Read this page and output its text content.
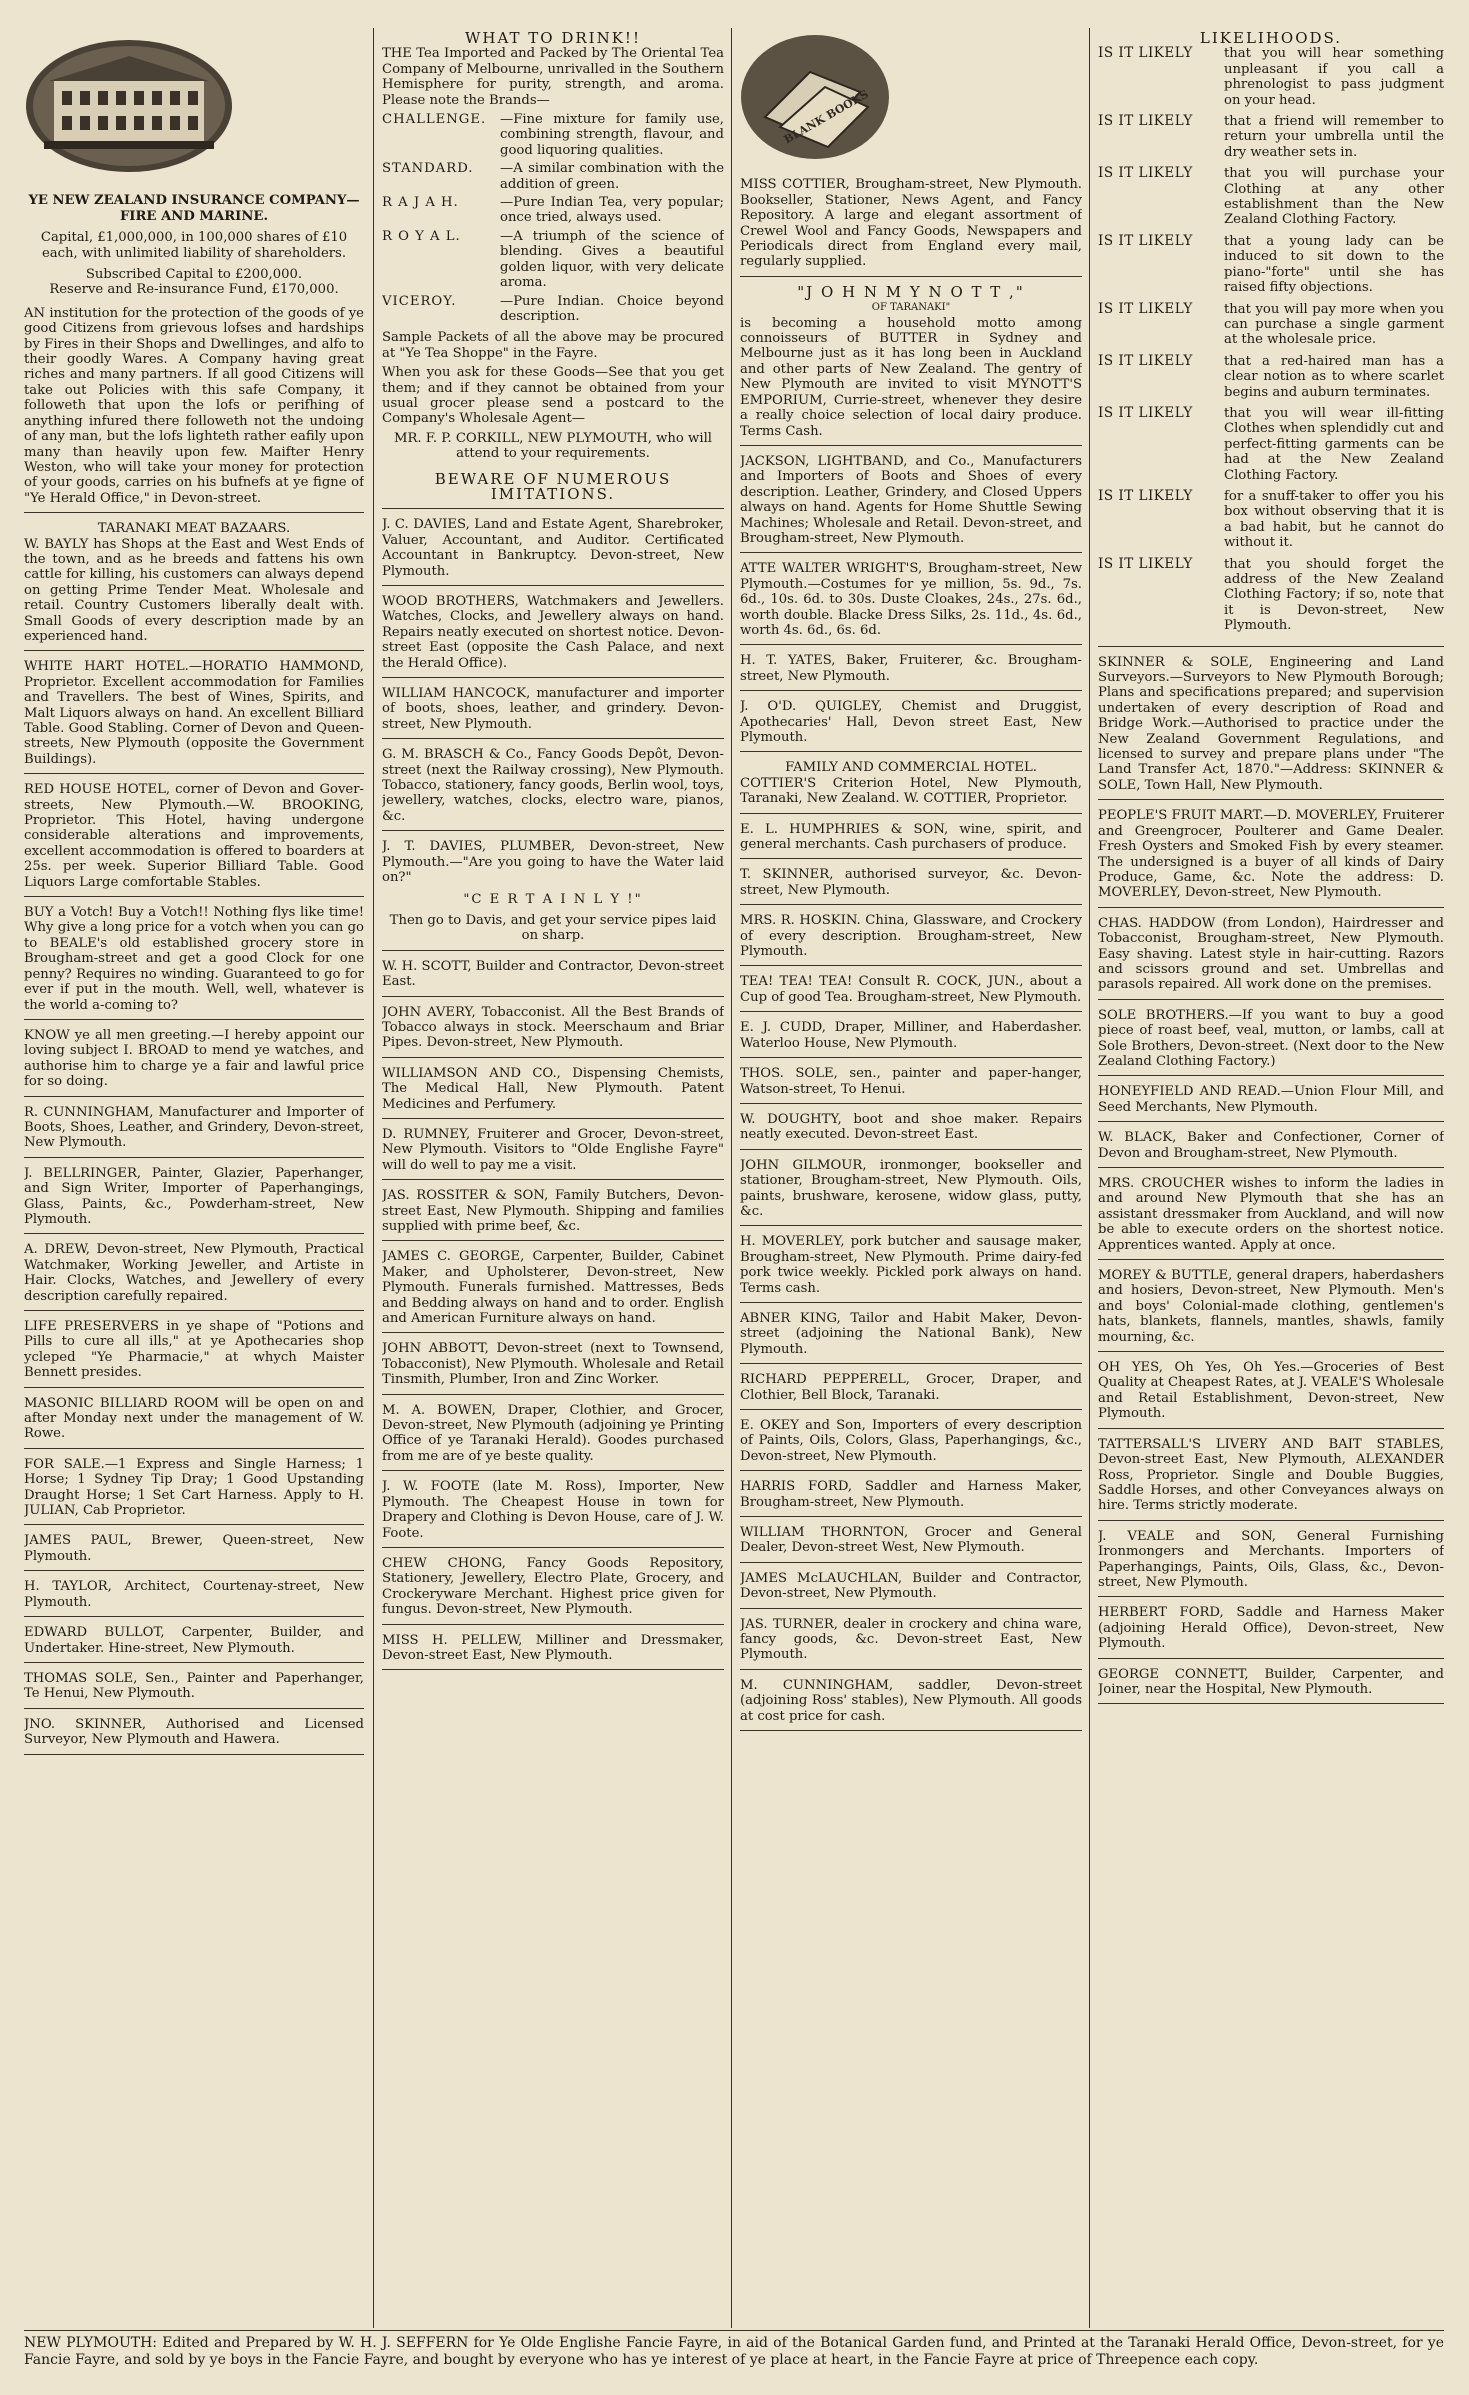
YE NEW ZEALAND INSURANCE COMPANY—FIRE AND MARINE.

Capital, £1,000,000, in 100,000 shares of £10 each, with unlimited liability of shareholders.

Subscribed Capital to £200,000.

Reserve and Re-insurance Fund, £170,000.

AN institution for the protection of the goods of ye good Citizens from grievous lofses and hardships by Fires in their Shops and Dwellinges, and alfo to their goodly Wares. A Company having great riches and many partners. If all good Citizens will take out Policies with this safe Company, it followeth that upon the lofs or perifhing of anything infured there followeth not the undoing of any man, but the lofs lighteth rather eafily upon many than heavily upon few. Maifter Henry Weston, who will take your money for protection of your goods, carries on his bufnefs at ye figne of "Ye Herald Office," in Devon-street.

TARANAKI MEAT BAZAARS.

W. BAYLY has Shops at the East and West Ends of the town, and as he breeds and fattens his own cattle for killing, his customers can always depend on getting Prime Tender Meat. Wholesale and retail. Country Customers liberally dealt with. Small Goods of every description made by an experienced hand.

WHITE HART HOTEL.—HORATIO HAMMOND, Proprietor. Excellent accommodation for Families and Travellers. The best of Wines, Spirits, and Malt Liquors always on hand. An excellent Billiard Table. Good Stabling. Corner of Devon and Queen-streets, New Plymouth (opposite the Government Buildings).

RED HOUSE HOTEL, corner of Devon and Gover-streets, New Plymouth.—W. BROOKING, Proprietor. This Hotel, having undergone considerable alterations and improvements, excellent accommodation is offered to boarders at 25s. per week. Superior Billiard Table. Good Liquors Large comfortable Stables.

BUY a Votch! Buy a Votch!! Nothing flys like time! Why give a long price for a votch when you can go to BEALE's old established grocery store in Brougham-street and get a good Clock for one penny? Requires no winding. Guaranteed to go for ever if put in the mouth. Well, well, whatever is the world a-coming to?

KNOW ye all men greeting.—I hereby appoint our loving subject I. BROAD to mend ye watches, and authorise him to charge ye a fair and lawful price for so doing.

R. CUNNINGHAM, Manufacturer and Importer of Boots, Shoes, Leather, and Grindery, Devon-street, New Plymouth.

J. BELLRINGER, Painter, Glazier, Paperhanger, and Sign Writer, Importer of Paperhangings, Glass, Paints, &c., Powderham-street, New Plymouth.

A. DREW, Devon-street, New Plymouth, Practical Watchmaker, Working Jeweller, and Artiste in Hair. Clocks, Watches, and Jewellery of every description carefully repaired.

LIFE PRESERVERS in ye shape of "Potions and Pills to cure all ills," at ye Apothecaries shop ycleped "Ye Pharmacie," at whych Maister Bennett presides.

MASONIC BILLIARD ROOM will be open on and after Monday next under the management of W. Rowe.

FOR SALE.—1 Express and Single Harness; 1 Horse; 1 Sydney Tip Dray; 1 Good Upstanding Draught Horse; 1 Set Cart Harness. Apply to H. JULIAN, Cab Proprietor.

JAMES PAUL, Brewer, Queen-street, New Plymouth.

H. TAYLOR, Architect, Courtenay-street, New Plymouth.

EDWARD BULLOT, Carpenter, Builder, and Undertaker. Hine-street, New Plymouth.

THOMAS SOLE, Sen., Painter and Paperhanger, Te Henui, New Plymouth.

JNO. SKINNER, Authorised and Licensed Surveyor, New Plymouth and Hawera.

WHAT TO DRINK!!

THE Tea Imported and Packed by The Oriental Tea Company of Melbourne, unrivalled in the Southern Hemisphere for purity, strength, and aroma. Please note the Brands—

CHALLENGE.	—Fine mixture for family use, combining strength, flavour, and good liquoring qualities.
STANDARD.	—A similar combination with the addition of green.
R A J A H.	—Pure Indian Tea, very popular; once tried, always used.
R O Y A L.	—A triumph of the science of blending. Gives a beautiful golden liquor, with very delicate aroma.
VICEROY.	—Pure Indian. Choice beyond description.

Sample Packets of all the above may be procured at "Ye Tea Shoppe" in the Fayre.

When you ask for these Goods—See that you get them; and if they cannot be obtained from your usual grocer please send a postcard to the Company's Wholesale Agent—

MR. F. P. CORKILL, NEW PLYMOUTH, who will attend to your requirements.

BEWARE OF NUMEROUS IMITATIONS.

J. C. DAVIES, Land and Estate Agent, Sharebroker, Valuer, Accountant, and Auditor. Certificated Accountant in Bankruptcy. Devon-street, New Plymouth.

WOOD BROTHERS, Watchmakers and Jewellers. Watches, Clocks, and Jewellery always on hand. Repairs neatly executed on shortest notice. Devon-street East (opposite the Cash Palace, and next the Herald Office).

WILLIAM HANCOCK, manufacturer and importer of boots, shoes, leather, and grindery. Devon-street, New Plymouth.

G. M. BRASCH & Co., Fancy Goods Depôt, Devon-street (next the Railway crossing), New Plymouth. Tobacco, stationery, fancy goods, Berlin wool, toys, jewellery, watches, clocks, electro ware, pianos, &c.

J. T. DAVIES, PLUMBER, Devon-street, New Plymouth.—"Are you going to have the Water laid on?"

"C E R T A I N L Y !"

Then go to Davis, and get your service pipes laid on sharp.

W. H. SCOTT, Builder and Contractor, Devon-street East.

JOHN AVERY, Tobacconist. All the Best Brands of Tobacco always in stock. Meerschaum and Briar Pipes. Devon-street, New Plymouth.

WILLIAMSON AND CO., Dispensing Chemists, The Medical Hall, New Plymouth. Patent Medicines and Perfumery.

D. RUMNEY, Fruiterer and Grocer, Devon-street, New Plymouth. Visitors to "Olde Englishe Fayre" will do well to pay me a visit.

JAS. ROSSITER & SON, Family Butchers, Devon-street East, New Plymouth. Shipping and families supplied with prime beef, &c.

JAMES C. GEORGE, Carpenter, Builder, Cabinet Maker, and Upholsterer, Devon-street, New Plymouth. Funerals furnished. Mattresses, Beds and Bedding always on hand and to order. English and American Furniture always on hand.

JOHN ABBOTT, Devon-street (next to Townsend, Tobacconist), New Plymouth. Wholesale and Retail Tinsmith, Plumber, Iron and Zinc Worker.

M. A. BOWEN, Draper, Clothier, and Grocer, Devon-street, New Plymouth (adjoining ye Printing Office of ye Taranaki Herald). Goodes purchased from me are of ye beste quality.

J. W. FOOTE (late M. Ross), Importer, New Plymouth. The Cheapest House in town for Drapery and Clothing is Devon House, care of J. W. Foote.

CHEW CHONG, Fancy Goods Repository, Stationery, Jewellery, Electro Plate, Grocery, and Crockeryware Merchant. Highest price given for fungus. Devon-street, New Plymouth.

MISS H. PELLEW, Milliner and Dressmaker, Devon-street East, New Plymouth.

BLANK BOOKS

MISS COTTIER, Brougham-street, New Plymouth. Bookseller, Stationer, News Agent, and Fancy Repository. A large and elegant assortment of Crewel Wool and Fancy Goods, Newspapers and Periodicals direct from England every mail, regularly supplied.

"J O H N M Y N O T T ,"

OF TARANAKI"

is becoming a household motto among connoisseurs of BUTTER in Sydney and Melbourne just as it has long been in Auckland and other parts of New Zealand. The gentry of New Plymouth are invited to visit MYNOTT'S EMPORIUM, Currie-street, whenever they desire a really choice selection of local dairy produce. Terms Cash.

JACKSON, LIGHTBAND, and Co., Manufacturers and Importers of Boots and Shoes of every description. Leather, Grindery, and Closed Uppers always on hand. Agents for Home Shuttle Sewing Machines; Wholesale and Retail. Devon-street, and Brougham-street, New Plymouth.

ATTE WALTER WRIGHT'S, Brougham-street, New Plymouth.—Costumes for ye million, 5s. 9d., 7s. 6d., 10s. 6d. to 30s. Duste Cloakes, 24s., 27s. 6d., worth double. Blacke Dress Silks, 2s. 11d., 4s. 6d., worth 4s. 6d., 6s. 6d.

H. T. YATES, Baker, Fruiterer, &c. Brougham-street, New Plymouth.

J. O'D. QUIGLEY, Chemist and Druggist, Apothecaries' Hall, Devon street East, New Plymouth.

FAMILY AND COMMERCIAL HOTEL.

COTTIER'S Criterion Hotel, New Plymouth, Taranaki, New Zealand. W. COTTIER, Proprietor.

E. L. HUMPHRIES & SON, wine, spirit, and general merchants. Cash purchasers of produce.

T. SKINNER, authorised surveyor, &c. Devon-street, New Plymouth.

MRS. R. HOSKIN. China, Glassware, and Crockery of every description. Brougham-street, New Plymouth.

TEA! TEA! TEA! Consult R. COCK, JUN., about a Cup of good Tea. Brougham-street, New Plymouth.

E. J. CUDD, Draper, Milliner, and Haberdasher. Waterloo House, New Plymouth.

THOS. SOLE, sen., painter and paper-hanger, Watson-street, To Henui.

W. DOUGHTY, boot and shoe maker. Repairs neatly executed. Devon-street East.

JOHN GILMOUR, ironmonger, bookseller and stationer, Brougham-street, New Plymouth. Oils, paints, brushware, kerosene, widow glass, putty, &c.

H. MOVERLEY, pork butcher and sausage maker, Brougham-street, New Plymouth. Prime dairy-fed pork twice weekly. Pickled pork always on hand. Terms cash.

ABNER KING, Tailor and Habit Maker, Devon-street (adjoining the National Bank), New Plymouth.

RICHARD PEPPERELL, Grocer, Draper, and Clothier, Bell Block, Taranaki.

E. OKEY and Son, Importers of every description of Paints, Oils, Colors, Glass, Paperhangings, &c., Devon-street, New Plymouth.

HARRIS FORD, Saddler and Harness Maker, Brougham-street, New Plymouth.

WILLIAM THORNTON, Grocer and General Dealer, Devon-street West, New Plymouth.

JAMES McLAUCHLAN, Builder and Contractor, Devon-street, New Plymouth.

JAS. TURNER, dealer in crockery and china ware, fancy goods, &c. Devon-street East, New Plymouth.

M. CUNNINGHAM, saddler, Devon-street (adjoining Ross' stables), New Plymouth. All goods at cost price for cash.

LIKELIHOODS.

IS IT LIKELY	that you will hear something unpleasant if you call a phrenologist to pass judgment on your head.
IS IT LIKELY	that a friend will remember to return your umbrella until the dry weather sets in.
IS IT LIKELY	that you will purchase your Clothing at any other establishment than the New Zealand Clothing Factory.
IS IT LIKELY	that a young lady can be induced to sit down to the piano-"forte" until she has raised fifty objections.
IS IT LIKELY	that you will pay more when you can purchase a single garment at the wholesale price.
IS IT LIKELY	that a red-haired man has a clear notion as to where scarlet begins and auburn terminates.
IS IT LIKELY	that you will wear ill-fitting Clothes when splendidly cut and perfect-fitting garments can be had at the New Zealand Clothing Factory.
IS IT LIKELY	for a snuff-taker to offer you his box without observing that it is a bad habit, but he cannot do without it.
IS IT LIKELY	that you should forget the address of the New Zealand Clothing Factory; if so, note that it is Devon-street, New Plymouth.

SKINNER & SOLE, Engineering and Land Surveyors.—Surveyors to New Plymouth Borough; Plans and specifications prepared; and supervision undertaken of every description of Road and Bridge Work.—Authorised to practice under the New Zealand Government Regulations, and licensed to survey and prepare plans under "The Land Transfer Act, 1870."—Address: SKINNER & SOLE, Town Hall, New Plymouth.

PEOPLE'S FRUIT MART.—D. MOVERLEY, Fruiterer and Greengrocer, Poulterer and Game Dealer. Fresh Oysters and Smoked Fish by every steamer. The undersigned is a buyer of all kinds of Dairy Produce, Game, &c. Note the address: D. MOVERLEY, Devon-street, New Plymouth.

CHAS. HADDOW (from London), Hairdresser and Tobacconist, Brougham-street, New Plymouth. Easy shaving. Latest style in hair-cutting. Razors and scissors ground and set. Umbrellas and parasols repaired. All work done on the premises.

SOLE BROTHERS.—If you want to buy a good piece of roast beef, veal, mutton, or lambs, call at Sole Brothers, Devon-street. (Next door to the New Zealand Clothing Factory.)

HONEYFIELD AND READ.—Union Flour Mill, and Seed Merchants, New Plymouth.

W. BLACK, Baker and Confectioner, Corner of Devon and Brougham-street, New Plymouth.

MRS. CROUCHER wishes to inform the ladies in and around New Plymouth that she has an assistant dressmaker from Auckland, and will now be able to execute orders on the shortest notice. Apprentices wanted. Apply at once.

MOREY & BUTTLE, general drapers, haberdashers and hosiers, Devon-street, New Plymouth. Men's and boys' Colonial-made clothing, gentlemen's hats, blankets, flannels, mantles, shawls, family mourning, &c.

OH YES, Oh Yes, Oh Yes.—Groceries of Best Quality at Cheapest Rates, at J. VEALE'S Wholesale and Retail Establishment, Devon-street, New Plymouth.

TATTERSALL'S LIVERY AND BAIT STABLES, Devon-street East, New Plymouth, ALEXANDER Ross, Proprietor. Single and Double Buggies, Saddle Horses, and other Conveyances always on hire. Terms strictly moderate.

J. VEALE and SON, General Furnishing Ironmongers and Merchants. Importers of Paperhangings, Paints, Oils, Glass, &c., Devon-street, New Plymouth.

HERBERT FORD, Saddle and Harness Maker (adjoining Herald Office), Devon-street, New Plymouth.

GEORGE CONNETT, Builder, Carpenter, and Joiner, near the Hospital, New Plymouth.

NEW PLYMOUTH: Edited and Prepared by W. H. J. SEFFERN for Ye Olde Englishe Fancie Fayre, in aid of the Botanical Garden fund, and Printed at the Taranaki Herald Office, Devon-street, for ye Fancie Fayre, and sold by ye boys in the Fancie Fayre, and bought by everyone who has ye interest of ye place at heart, in the Fancie Fayre at price of Threepence each copy.
